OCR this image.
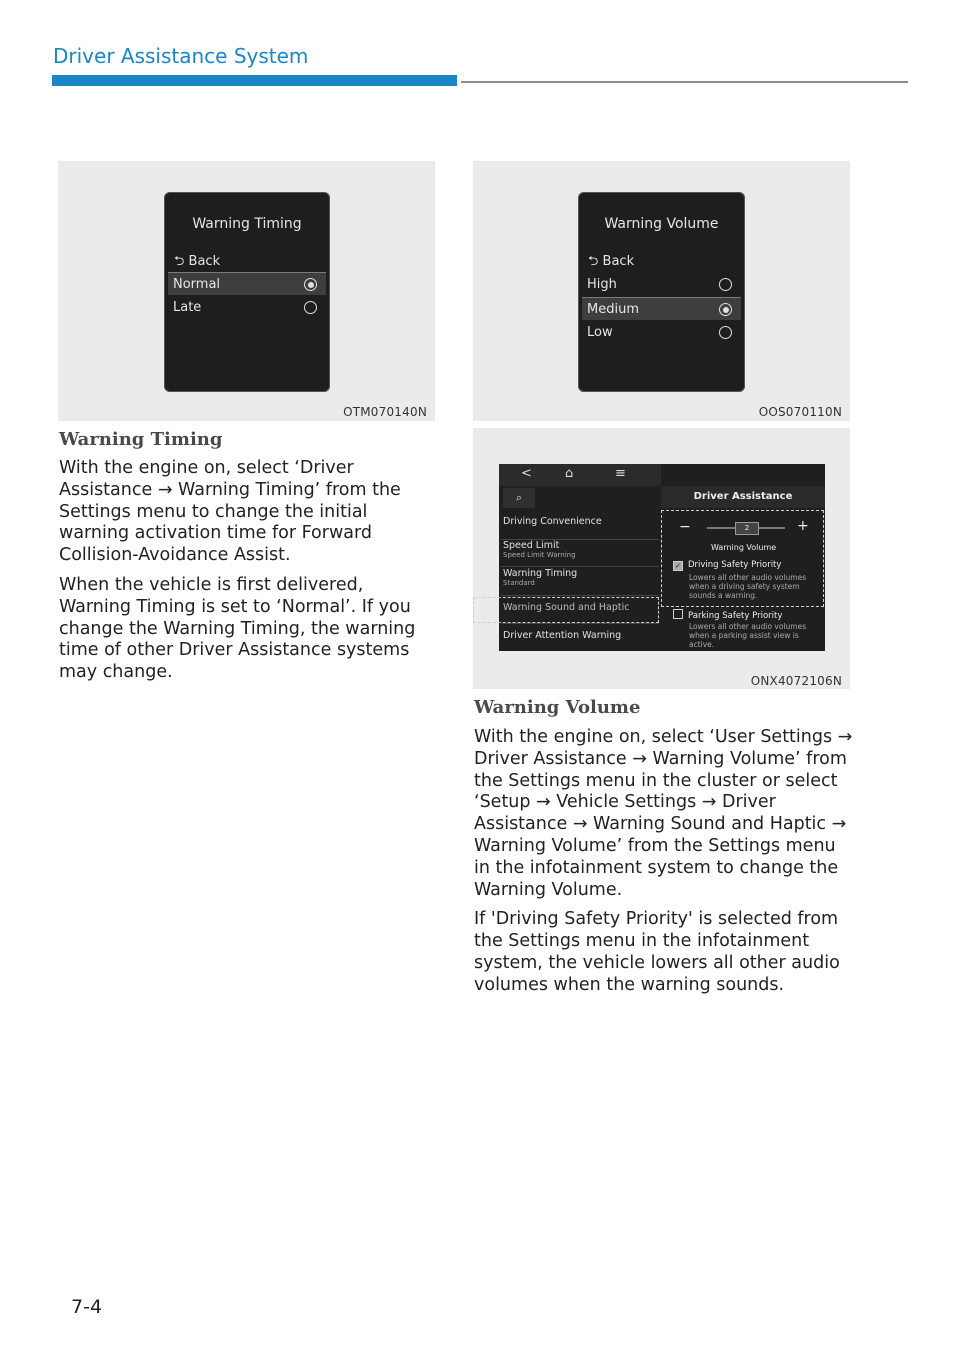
Driver Assistance System
Warning Timing
⮌ Back
Normal
Late
OTM070140N
Warning Timing

With the engine on, select ‘Driver Assistance → Warning Timing’ from the Settings menu to change the initial warning activation time for Forward Collision-Avoidance Assist.

When the vehicle is first delivered, Warning Timing is set to ‘Normal’. If you change the Warning Timing, the warning time of other Driver Assistance systems may change.

Warning Volume
⮌ Back
High
Medium
Low
OOS070110N
<	⌂	≡
⌕	Driver Assistance
Driving Convenience
Speed Limit
Speed Limit Warning
Warning Timing
Standard
Warning Sound and Haptic
Driver Attention Warning
−	2	+
Warning Volume
✓ Driving Safety Priority
Lowers all other audio volumes when a driving safety system sounds a warning.
Parking Safety Priority
Lowers all other audio volumes when a parking assist view is active.
ONX4072106N
Warning Volume

With the engine on, select ‘User Settings → Driver Assistance → Warning Volume’ from the Settings menu in the cluster or select ‘Setup → Vehicle Settings → Driver Assistance → Warning Sound and Haptic → Warning Volume’ from the Settings menu in the infotainment system to change the Warning Volume.

If 'Driving Safety Priority' is selected from the Settings menu in the infotainment system, the vehicle lowers all other audio volumes when the warning sounds.

7-4
